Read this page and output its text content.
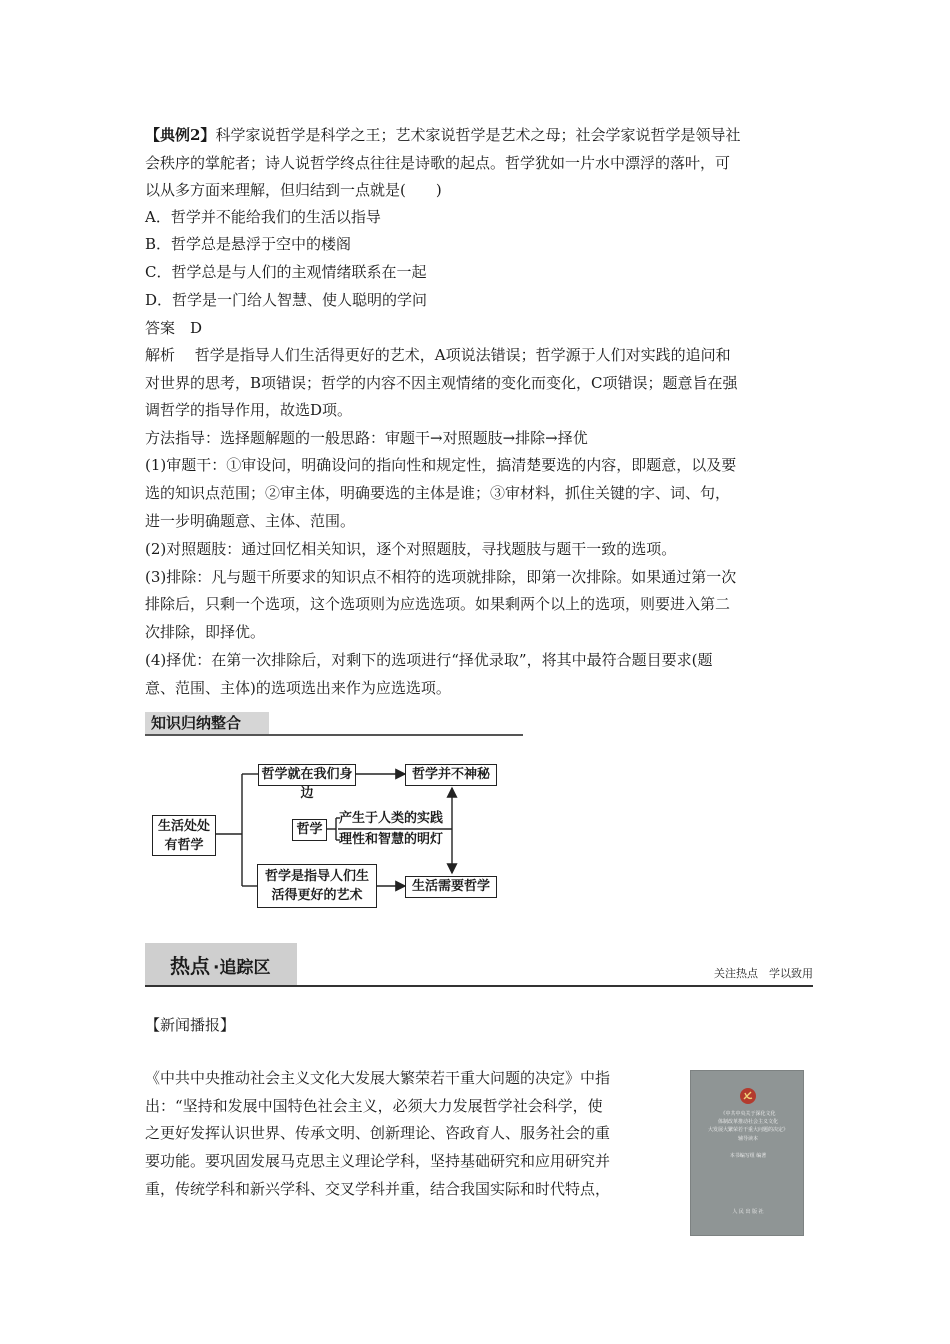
【典例2】科学家说哲学是科学之王；艺术家说哲学是艺术之母；社会学家说哲学是领导社
会秩序的掌舵者；诗人说哲学终点往往是诗歌的起点。哲学犹如一片水中漂浮的落叶，可
以从多方面来理解，但归结到一点就是(　　)
A．哲学并不能给我们的生活以指导
B．哲学总是悬浮于空中的楼阁
C．哲学总是与人们的主观情绪联系在一起
D．哲学是一门给人智慧、使人聪明的学问
答案　D
解析　 哲学是指导人们生活得更好的艺术，A项说法错误；哲学源于人们对实践的追问和
对世界的思考，B项错误；哲学的内容不因主观情绪的变化而变化，C项错误；题意旨在强
调哲学的指导作用，故选D项。
方法指导：选择题解题的一般思路：审题干→对照题肢→排除→择优
(1)审题干：①审设问，明确设问的指向性和规定性，搞清楚要选的内容，即题意，以及要
选的知识点范围；②审主体，明确要选的主体是谁；③审材料，抓住关键的字、词、句，
进一步明确题意、主体、范围。
(2)对照题肢：通过回忆相关知识，逐个对照题肢，寻找题肢与题干一致的选项。
(3)排除：凡与题干所要求的知识点不相符的选项就排除，即第一次排除。如果通过第一次
排除后，只剩一个选项，这个选项则为应选选项。如果剩两个以上的选项，则要进入第二
次排除，即择优。
(4)择优：在第一次排除后，对剩下的选项进行“择优录取”，将其中最符合题目要求(题
意、范围、主体)的选项选出来作为应选选项。
知识归纳整合
生活处处
有哲学
哲学就在我们身边
哲学并不神秘
哲学
产生于人类的实践
理性和智慧的明灯
哲学是指导人们生
活得更好的艺术
生活需要哲学
热点 ·追踪区	关注热点　学以致用
【新闻播报】
《中共中央推动社会主义文化大发展大繁荣若干重大问题的决定》中指
出：“坚持和发展中国特色社会主义，必须大力发展哲学社会科学，使
之更好发挥认识世界、传承文明、创新理论、咨政育人、服务社会的重
要功能。要巩固发展马克思主义理论学科，坚持基础研究和应用研究并
重，传统学科和新兴学科、交叉学科并重，结合我国实际和时代特点，
《中共中央关于深化文化
体制改革推动社会主义文化
大发展大繁荣若干重大问题的决定》
辅导读本
本书编写组 编著
人 民 出 版 社
